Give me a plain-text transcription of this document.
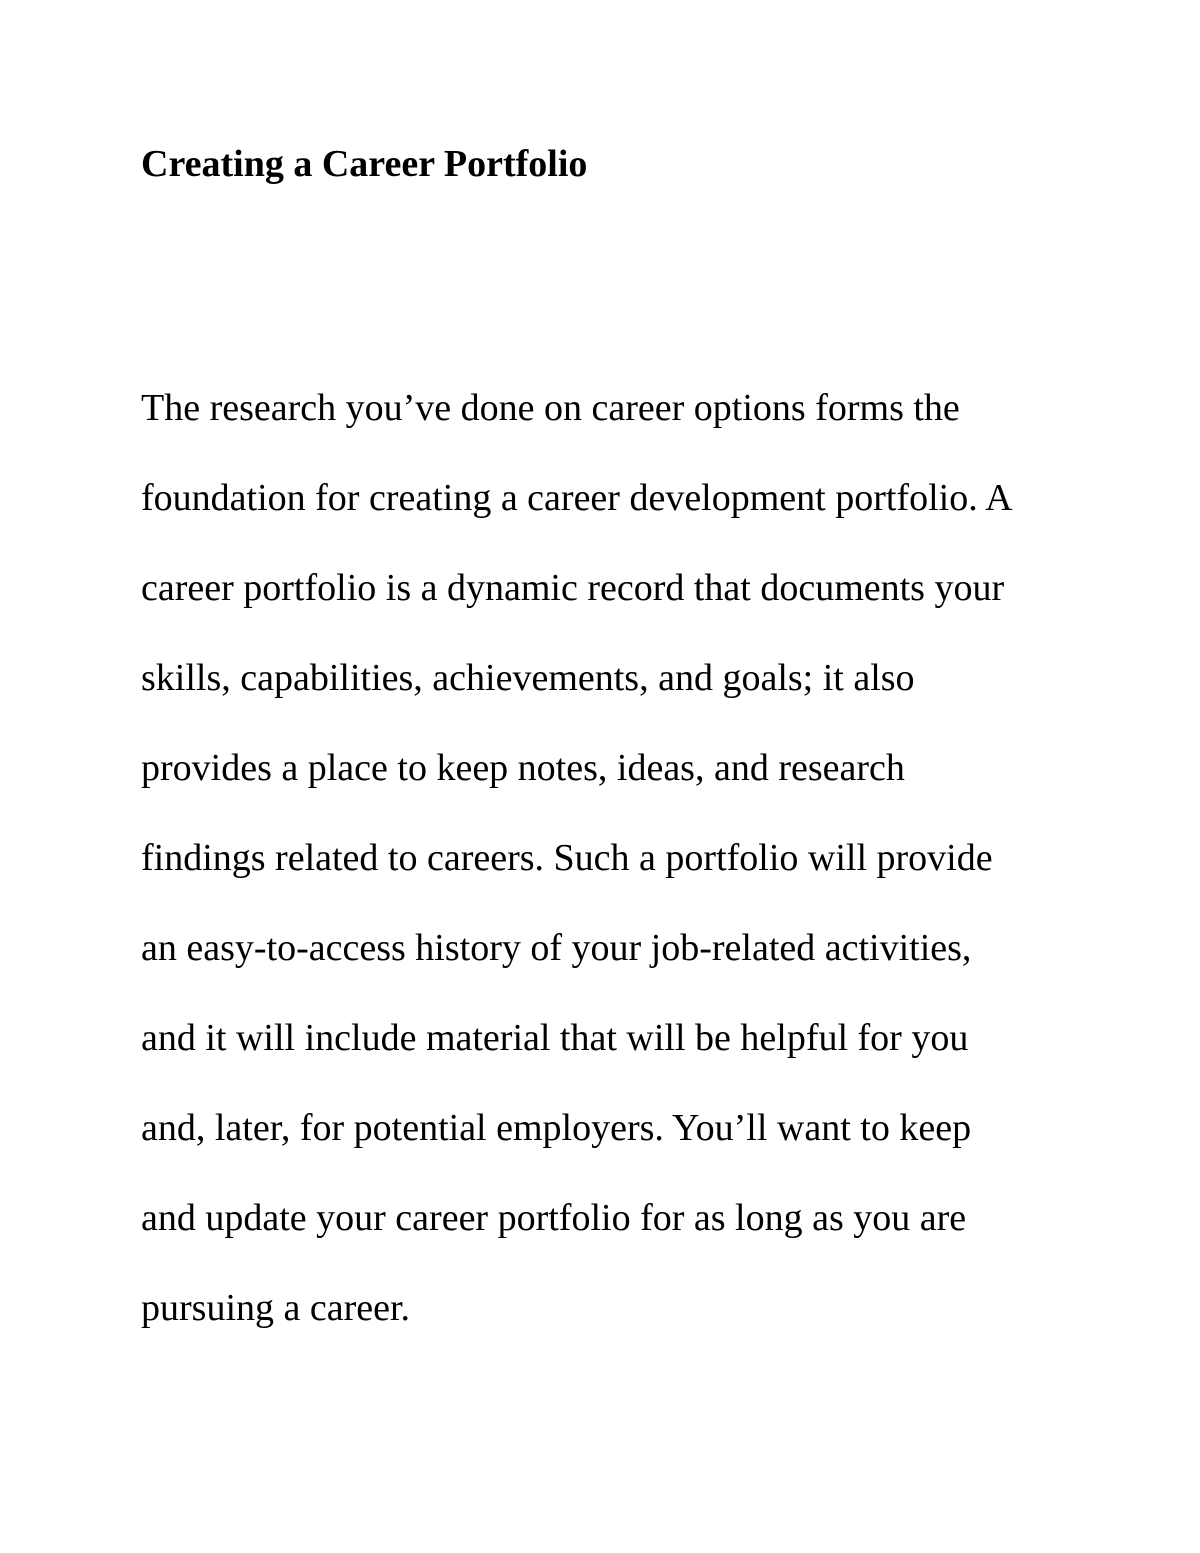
Creating a Career Portfolio
The research you’ve done on career options forms the
foundation for creating a career development portfolio. A
career portfolio is a dynamic record that documents your
skills, capabilities, achievements, and goals; it also
provides a place to keep notes, ideas, and research
findings related to careers. Such a portfolio will provide
an easy-to-access history of your job-related activities,
and it will include material that will be helpful for you
and, later, for potential employers. You’ll want to keep
and update your career portfolio for as long as you are
pursuing a career.
